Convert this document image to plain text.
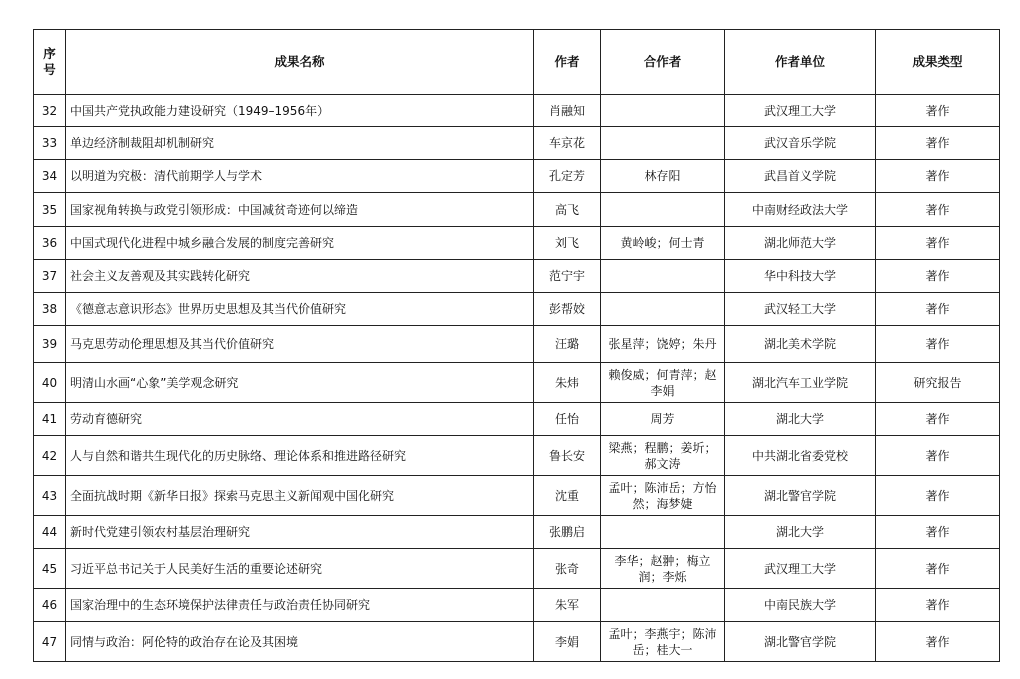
序号	成果名称	作者	合作者	作者单位	成果类型
32	中国共产党执政能力建设研究（1949–1956年）	肖融知		武汉理工大学	著作
33	单边经济制裁阻却机制研究	车京花		武汉音乐学院	著作
34	以明道为究极：清代前期学人与学术	孔定芳	林存阳	武昌首义学院	著作
35	国家视角转换与政党引领形成：中国减贫奇迹何以缔造	高飞		中南财经政法大学	著作
36	中国式现代化进程中城乡融合发展的制度完善研究	刘飞	黄岭峻；何士青	湖北师范大学	著作
37	社会主义友善观及其实践转化研究	范宁宇		华中科技大学	著作
38	《德意志意识形态》世界历史思想及其当代价值研究	彭帮姣		武汉轻工大学	著作
39	马克思劳动伦理思想及其当代价值研究	汪璐	张星萍；饶婷；朱丹	湖北美术学院	著作
40	明清山水画“心象”美学观念研究	朱炜	赖俊威；何青萍；赵李娟	湖北汽车工业学院	研究报告
41	劳动育德研究	任怡	周芳	湖北大学	著作
42	人与自然和谐共生现代化的历史脉络、理论体系和推进路径研究	鲁长安	梁燕；程鹏；姜圻；郝文涛	中共湖北省委党校	著作
43	全面抗战时期《新华日报》探索马克思主义新闻观中国化研究	沈重	孟叶；陈沛岳；方怡然；海梦婕	湖北警官学院	著作
44	新时代党建引领农村基层治理研究	张鹏启		湖北大学	著作
45	习近平总书记关于人民美好生活的重要论述研究	张奇	李华；赵翀；梅立润；李烁	武汉理工大学	著作
46	国家治理中的生态环境保护法律责任与政治责任协同研究	朱军		中南民族大学	著作
47	同情与政治：阿伦特的政治存在论及其困境	李娟	孟叶；李燕宇；陈沛岳；桂大一	湖北警官学院	著作
